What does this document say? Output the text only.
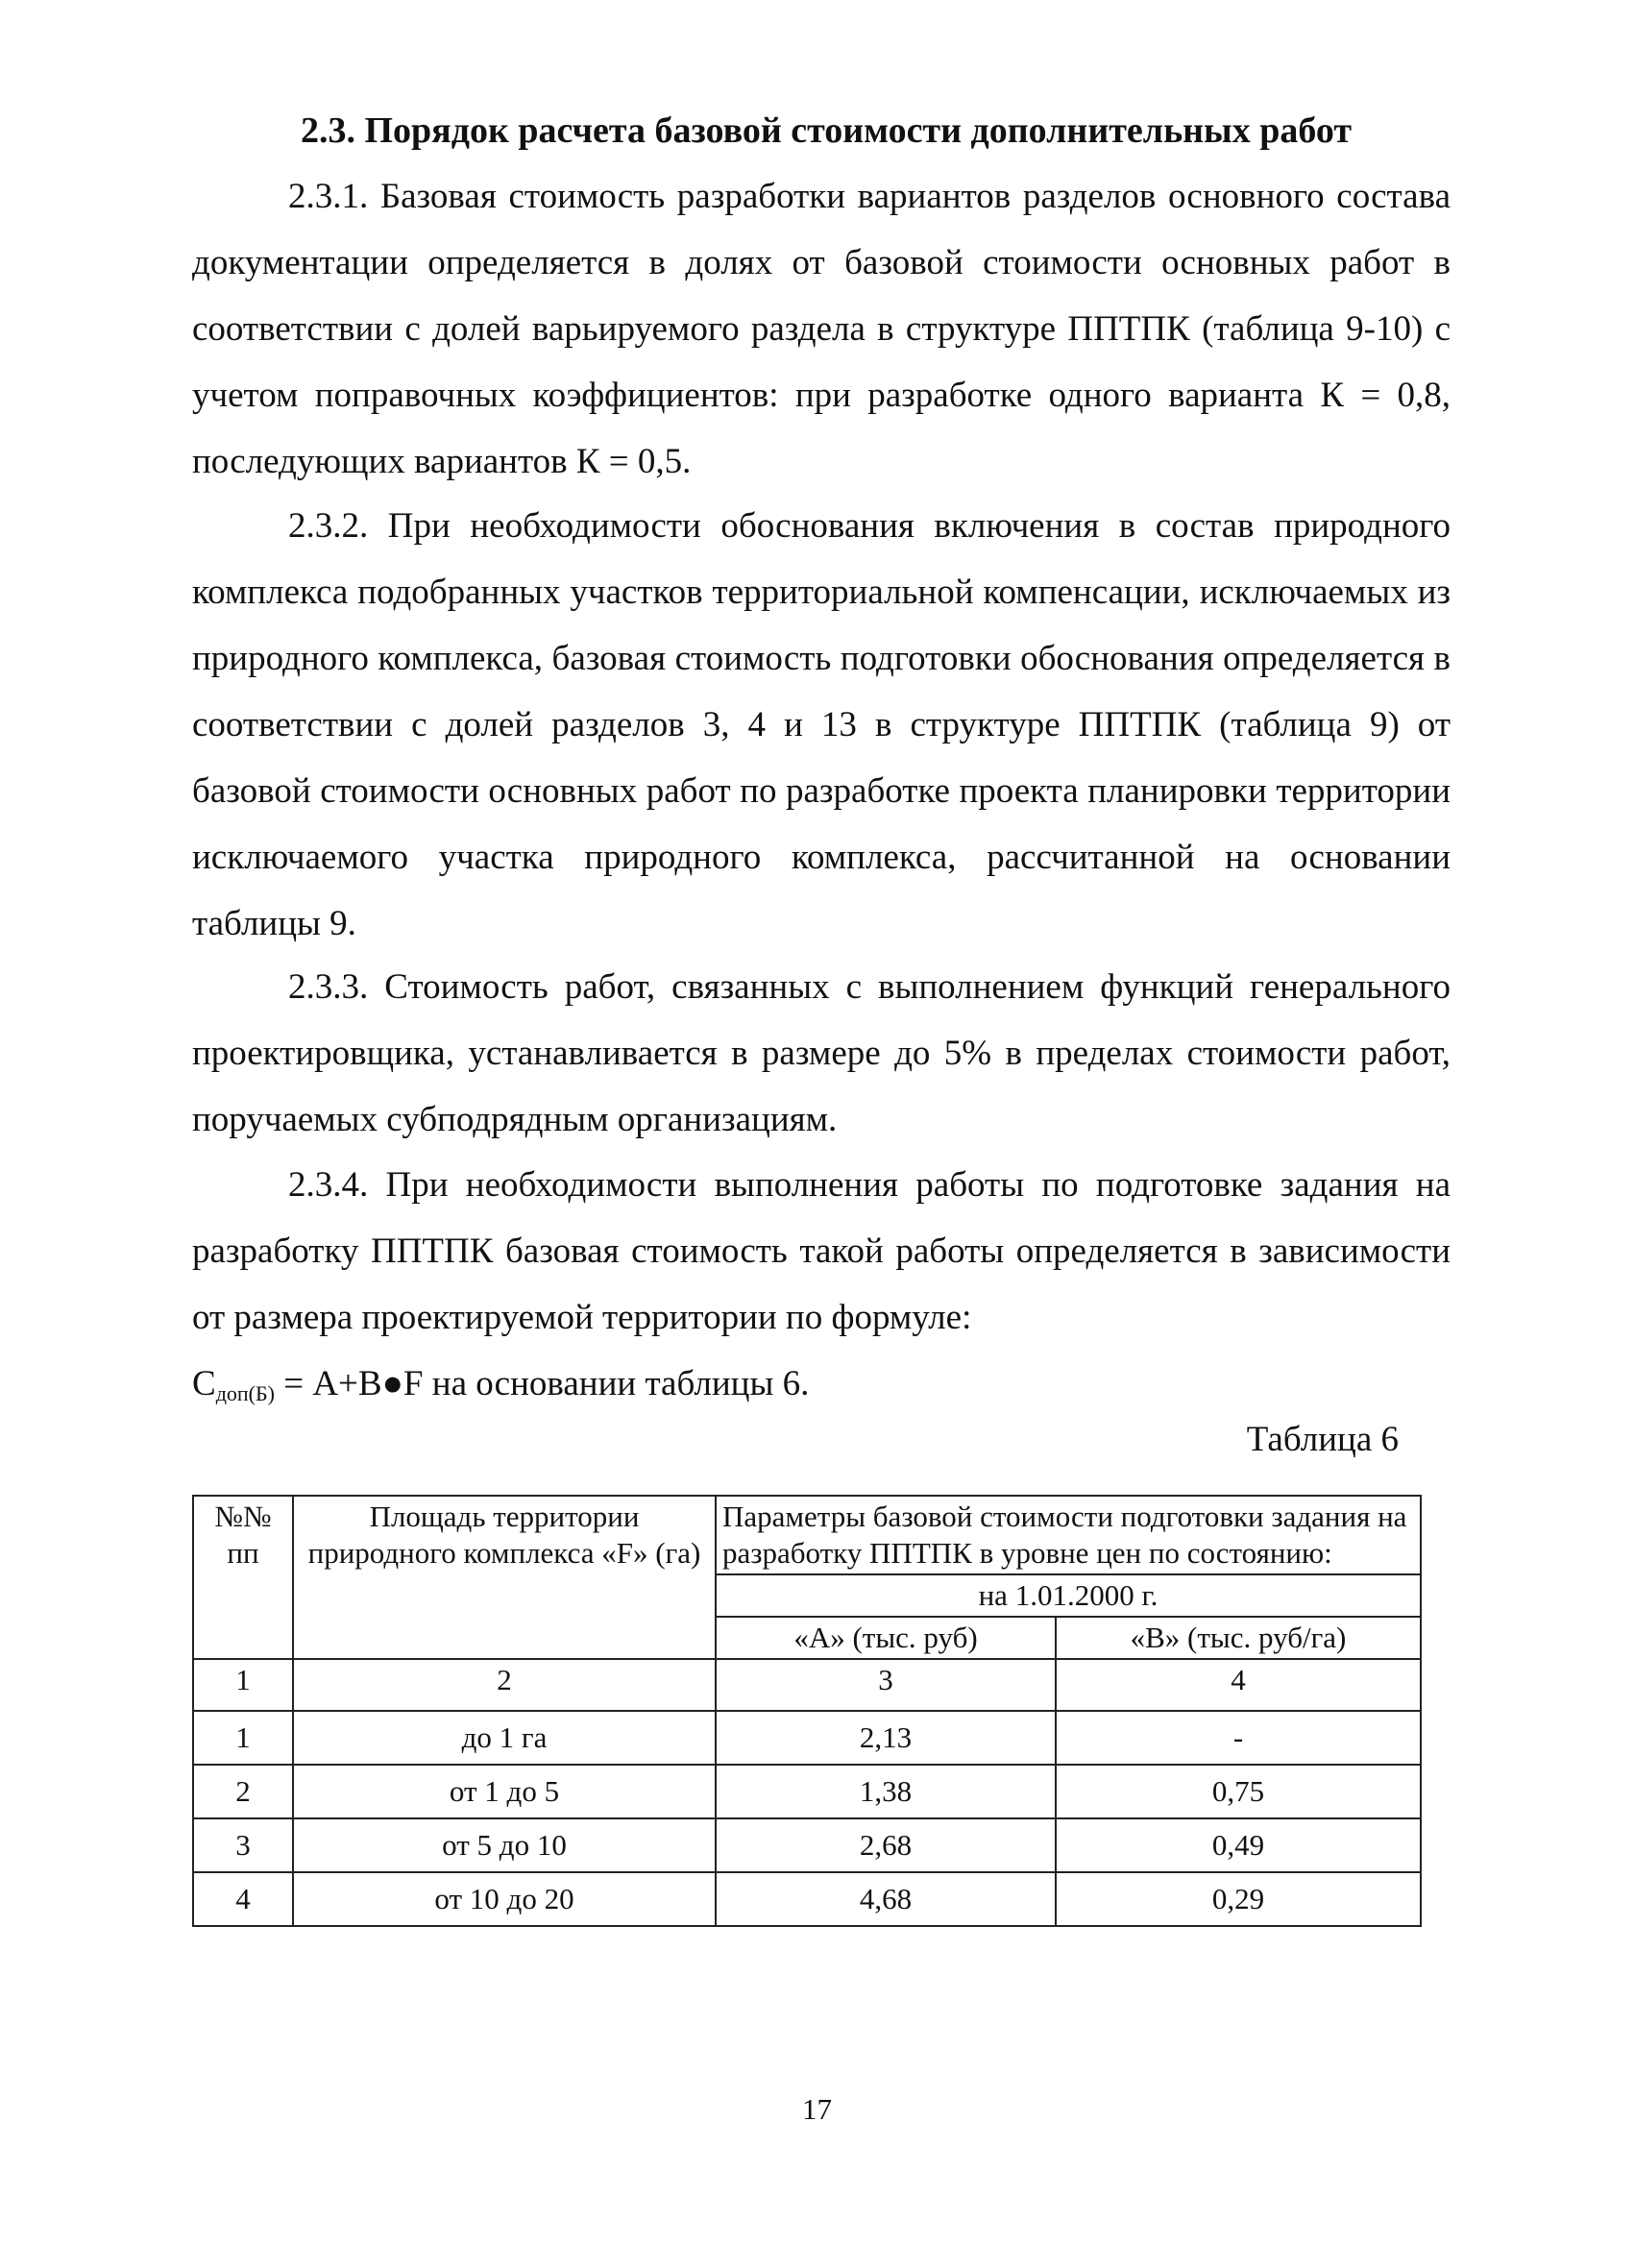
2.3. Порядок расчета базовой стоимости дополнительных работ
2.3.1. Базовая стоимость разработки вариантов разделов основного состава документации определяется в долях от базовой стоимости основных работ в соответствии с долей варьируемого раздела в структуре ППТПК (таблица 9-10) с учетом поправочных коэффициентов: при разработке одного варианта К = 0,8, последующих вариантов К = 0,5.
2.3.2. При необходимости обоснования включения в состав природного комплекса подобранных участков территориальной компенсации, исключаемых из природного комплекса, базовая стоимость подготовки обоснования определяется в соответствии с долей разделов 3, 4 и 13 в структуре ППТПК (таблица 9) от базовой стоимости основных работ по разработке проекта планировки территории исключаемого участка природного комплекса, рассчитанной на основании таблицы 9.
2.3.3. Стоимость работ, связанных с выполнением функций генерального проектировщика, устанавливается в размере до 5% в пределах стоимости работ, поручаемых субподрядным организациям.
2.3.4. При необходимости выполнения работы по подготовке задания на разработку ППТПК базовая стоимость такой работы определяется в зависимости от размера проектируемой территории по формуле:
$С_{доп(Б)}$ = А+В●F на основании таблицы 6.
Таблица 6
№№ пп	Площадь территории природного комплекса «F» (га)	Параметры базовой стоимости подготовки задания на разработку ППТПК в уровне цен по состоянию:	
		на 1.01.2000 г.	
		«А» (тыс. руб)	«В» (тыс. руб/га)
1	2	3	4
1	до 1 га	2,13	-
2	от 1 до 5	1,38	0,75
3	от 5 до 10	2,68	0,49
4	от 10 до 20	4,68	0,29
17
